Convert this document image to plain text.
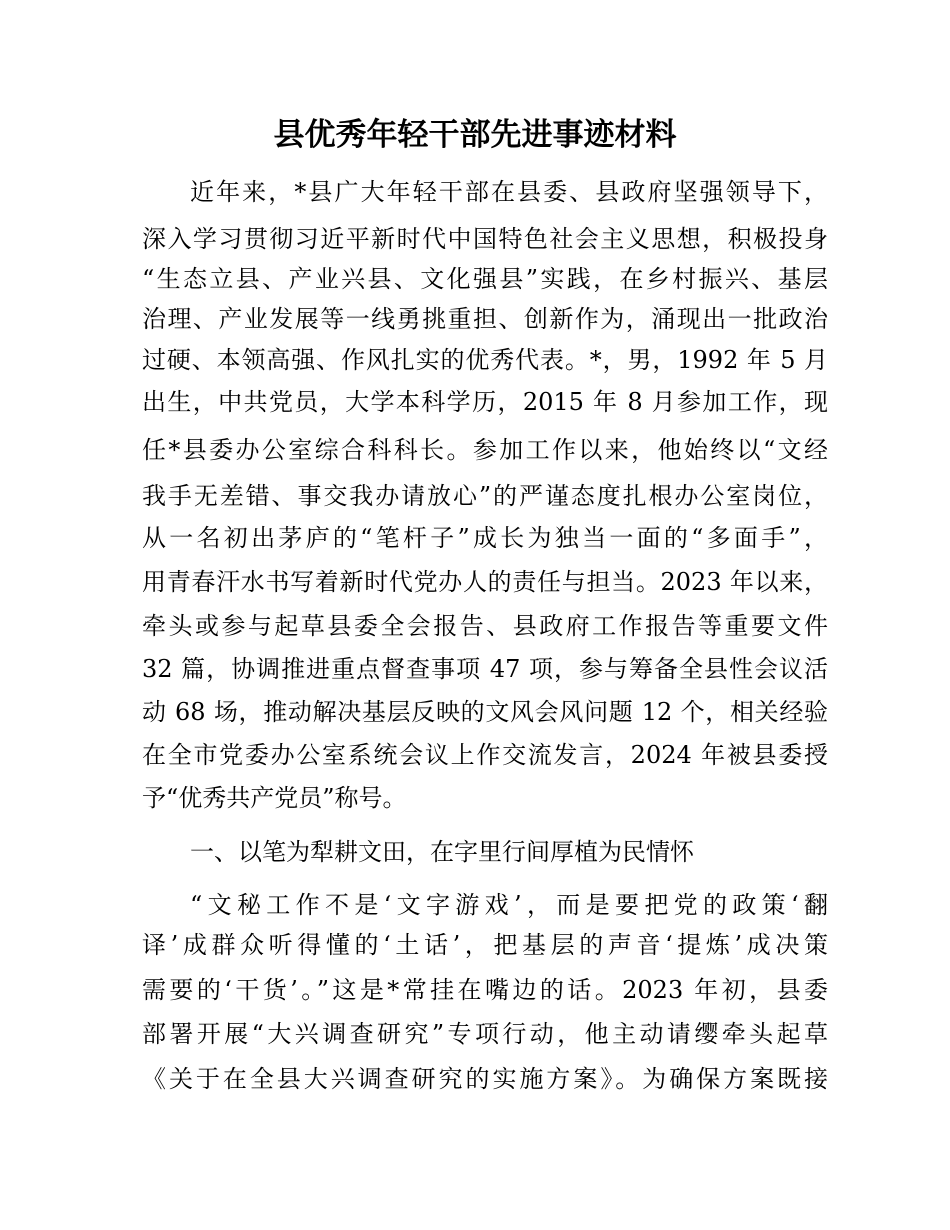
县优秀年轻干部先进事迹材料

近年来，*县广大年轻干部在县委、县政府坚强领导下，

深入学习贯彻习近平新时代中国特色社会主义思想，积极投身

“生态立县、产业兴县、文化强县”实践，在乡村振兴、基层

治理、产业发展等一线勇挑重担、创新作为，涌现出一批政治

过硬、本领高强、作风扎实的优秀代表。*，男，1992 年 5 月

出生，中共党员，大学本科学历，2015 年 8 月参加工作，现

任*县委办公室综合科科长。参加工作以来，他始终以“文经

我手无差错、事交我办请放心”的严谨态度扎根办公室岗位，

从一名初出茅庐的“笔杆子”成长为独当一面的“多面手”，

用青春汗水书写着新时代党办人的责任与担当。2023 年以来，

牵头或参与起草县委全会报告、县政府工作报告等重要文件

32 篇，协调推进重点督查事项 47 项，参与筹备全县性会议活

动 68 场，推动解决基层反映的文风会风问题 12 个，相关经验

在全市党委办公室系统会议上作交流发言，2024 年被县委授

予“优秀共产党员”称号。

一、以笔为犁耕文田，在字里行间厚植为民情怀

“文秘工作不是‘文字游戏’，而是要把党的政策‘翻

译’成群众听得懂的‘土话’，把基层的声音‘提炼’成决策

需要的‘干货’。”这是*常挂在嘴边的话。2023 年初，县委

部署开展“大兴调查研究”专项行动，他主动请缨牵头起草

《关于在全县大兴调查研究的实施方案》。为确保方案既接
